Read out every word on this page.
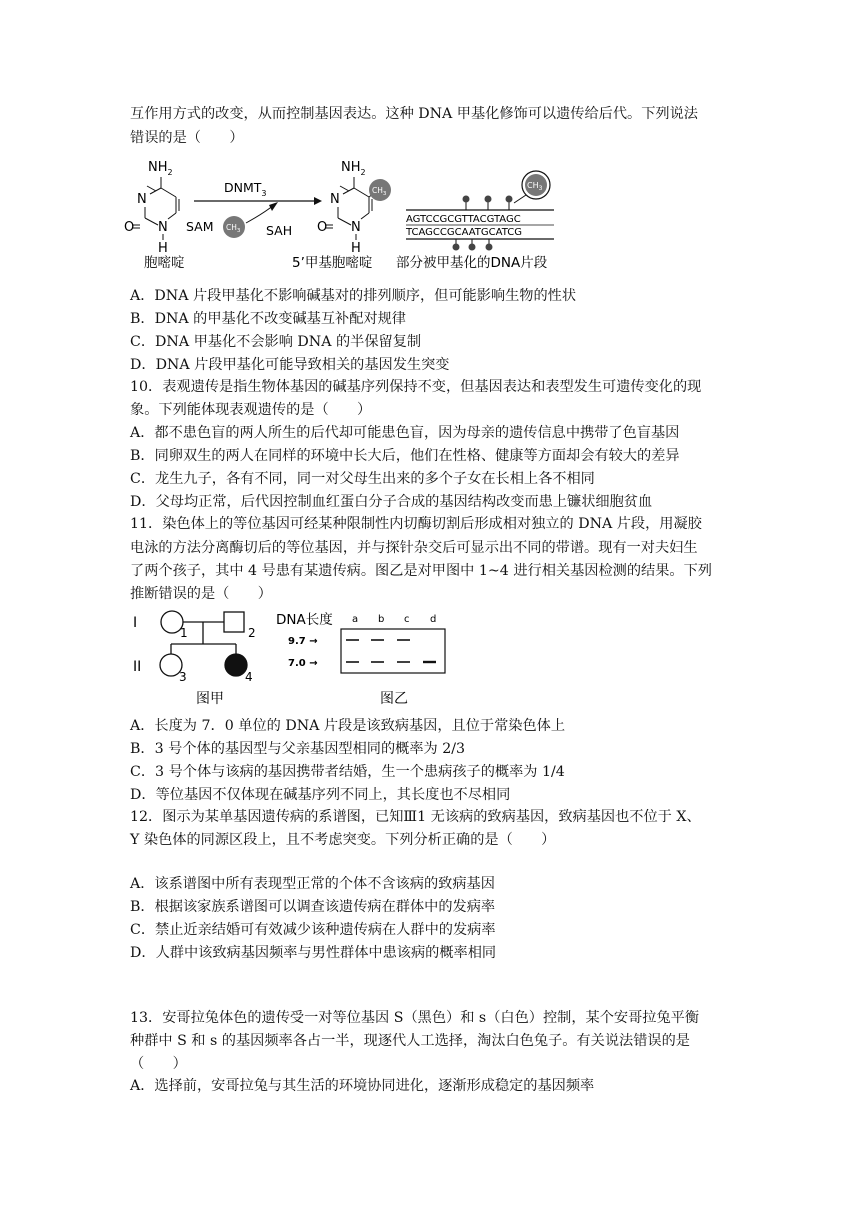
互作用方式的改变，从而控制基因表达。这种 DNA 甲基化修饰可以遗传给后代。下列说法
错误的是（　　）
$NH_2$
N
O N
H
$DNMT_3$
SAM $CH_3$ SAH
$NH_2$
$CH_3$
N
O N
H
$CH_3$
AGTCCGCGTTACGTAGC
TCAGCCGCAATGCATCG
胞嘧啶	5’甲基胞嘧啶 部分被甲基化的DNA片段
A．DNA 片段甲基化不影响碱基对的排列顺序，但可能影响生物的性状
B．DNA 的甲基化不改变碱基互补配对规律
C．DNA 甲基化不会影响 DNA 的半保留复制
D．DNA 片段甲基化可能导致相关的基因发生突变
10．表观遗传是指生物体基因的碱基序列保持不变，但基因表达和表型发生可遗传变化的现
象。下列能体现表观遗传的是（　　）
A．都不患色盲的两人所生的后代却可能患色盲，因为母亲的遗传信息中携带了色盲基因
B．同卵双生的两人在同样的环境中长大后，他们在性格、健康等方面却会有较大的差异
C．龙生九子，各有不同，同一对父母生出来的多个子女在长相上各不相同
D．父母均正常，后代因控制血红蛋白分子合成的基因结构改变而患上镰状细胞贫血
11．染色体上的等位基因可经某种限制性内切酶切割后形成相对独立的 DNA 片段，用凝胶
电泳的方法分离酶切后的等位基因，并与探针杂交后可显示出不同的带谱。现有一对夫妇生
了两个孩子，其中 4 号患有某遗传病。图乙是对甲图中 1~4 进行相关基因检测的结果。下列
推断错误的是（　　）
I
II
1	2
3	4
图甲
DNA长度 a b c d
9.7 →
7.0 →
图乙
A．长度为 7．0 单位的 DNA 片段是该致病基因，且位于常染色体上
B．3 号个体的基因型与父亲基因型相同的概率为 2/3
C．3 号个体与该病的基因携带者结婚，生一个患病孩子的概率为 1/4
D．等位基因不仅体现在碱基序列不同上，其长度也不尽相同
12．图示为某单基因遗传病的系谱图，已知Ⅲ1 无该病的致病基因，致病基因也不位于 X、
Y 染色体的同源区段上，且不考虑突变。下列分析正确的是（　　）
A．该系谱图中所有表现型正常的个体不含该病的致病基因
B．根据该家族系谱图可以调查该遗传病在群体中的发病率
C．禁止近亲结婚可有效减少该种遗传病在人群中的发病率
D．人群中该致病基因频率与男性群体中患该病的概率相同
13．安哥拉兔体色的遗传受一对等位基因 S（黑色）和 s（白色）控制，某个安哥拉兔平衡
种群中 S 和 s 的基因频率各占一半，现逐代人工选择，淘汰白色兔子。有关说法错误的是
（　　）
A．选择前，安哥拉兔与其生活的环境协同进化，逐渐形成稳定的基因频率
